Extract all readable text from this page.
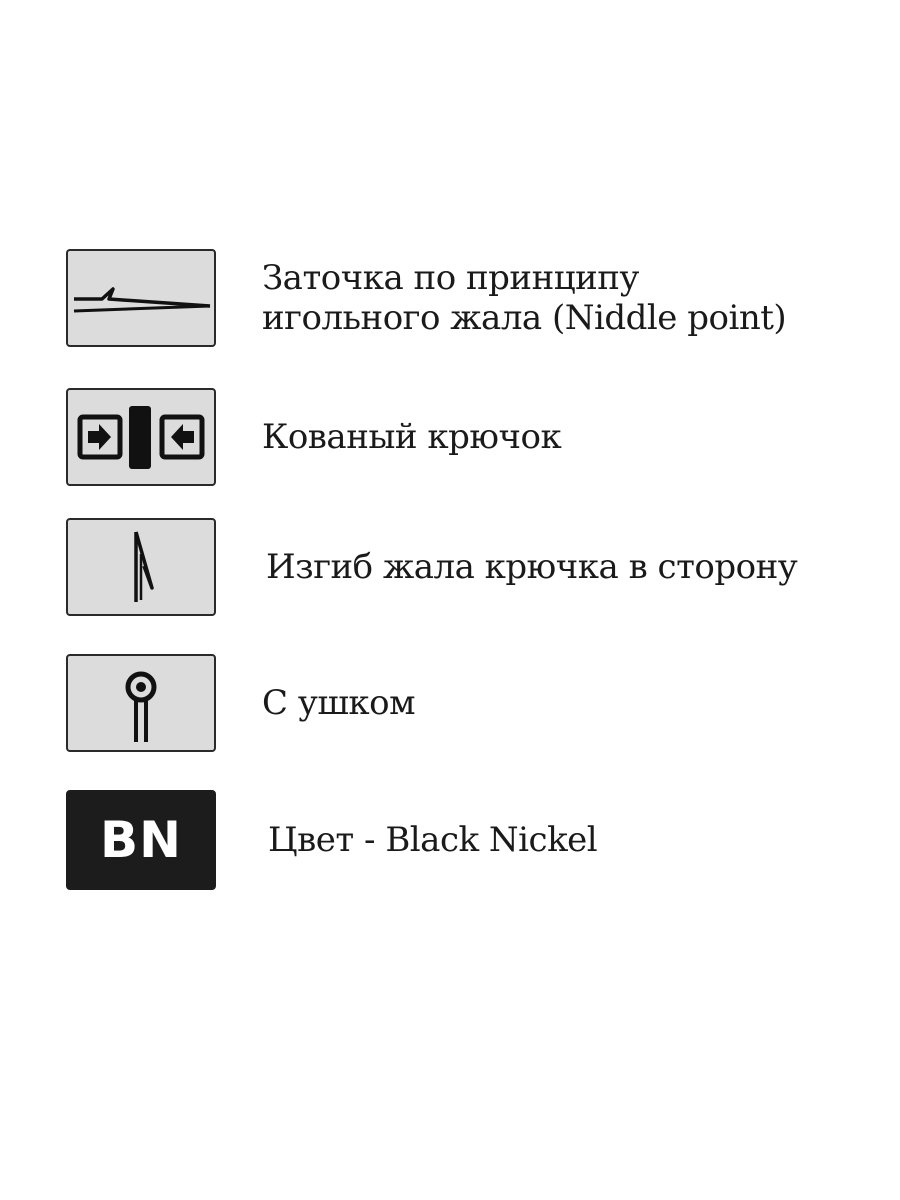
Заточка по принципу
игольного жала (Niddle point)
Кованый крючок
Изгиб жала крючка в сторону
С ушком
BN	Цвет - Black Nickel
